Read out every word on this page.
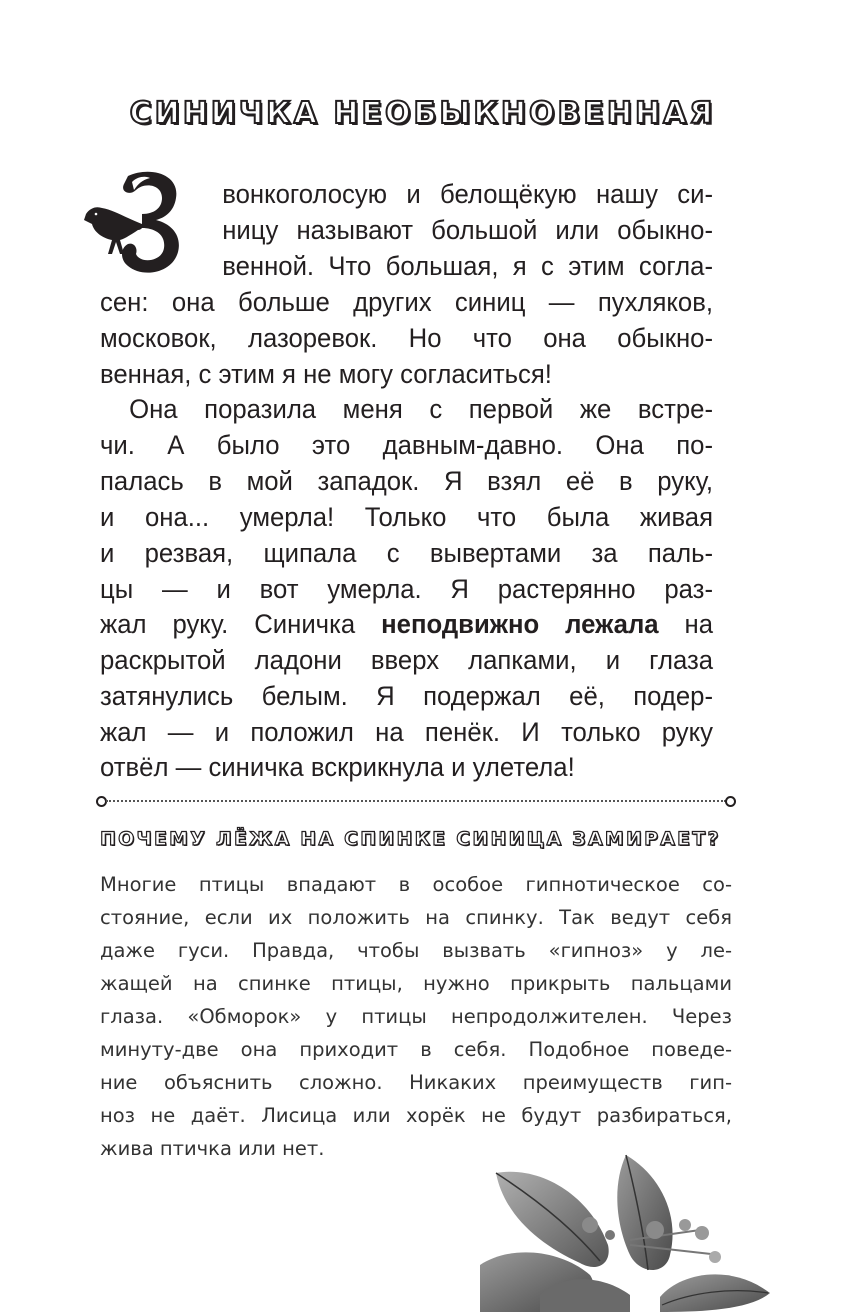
СИНИЧКА НЕОБЫКНОВЕННАЯ
вонкоголосую и белощёкую нашу си-
ницу называют большой или обыкно-
венной. Что большая, я с этим согла-
сен: она больше других синиц — пухляков,
московок, лазоревок. Но что она обыкно-
венная, с этим я не могу согласиться!
Она поразила меня с первой же встре-
чи. А было это давным-давно. Она по-
палась в мой западок. Я взял её в руку,
и она... умерла! Только что была живая
и резвая, щипала с вывертами за паль-
цы — и вот умерла. Я растерянно раз-
жал руку. Синичка неподвижно лежала на
раскрытой ладони вверх лапками, и глаза
затянулись белым. Я подержал её, подер-
жал — и положил на пенёк. И только руку
отвёл — синичка вскрикнула и улетела!
ПОЧЕМУ ЛЁЖА НА СПИНКЕ СИНИЦА ЗАМИРАЕТ?
Многие птицы впадают в особое гипнотическое со-
стояние, если их положить на спинку. Так ведут себя
даже гуси. Правда, чтобы вызвать «гипноз» у ле-
жащей на спинке птицы, нужно прикрыть пальцами
глаза. «Обморок» у птицы непродолжителен. Через
минуту-две она приходит в себя. Подобное поведе-
ние объяснить сложно. Никаких преимуществ гип-
ноз не даёт. Лисица или хорёк не будут разбираться,
жива птичка или нет.
